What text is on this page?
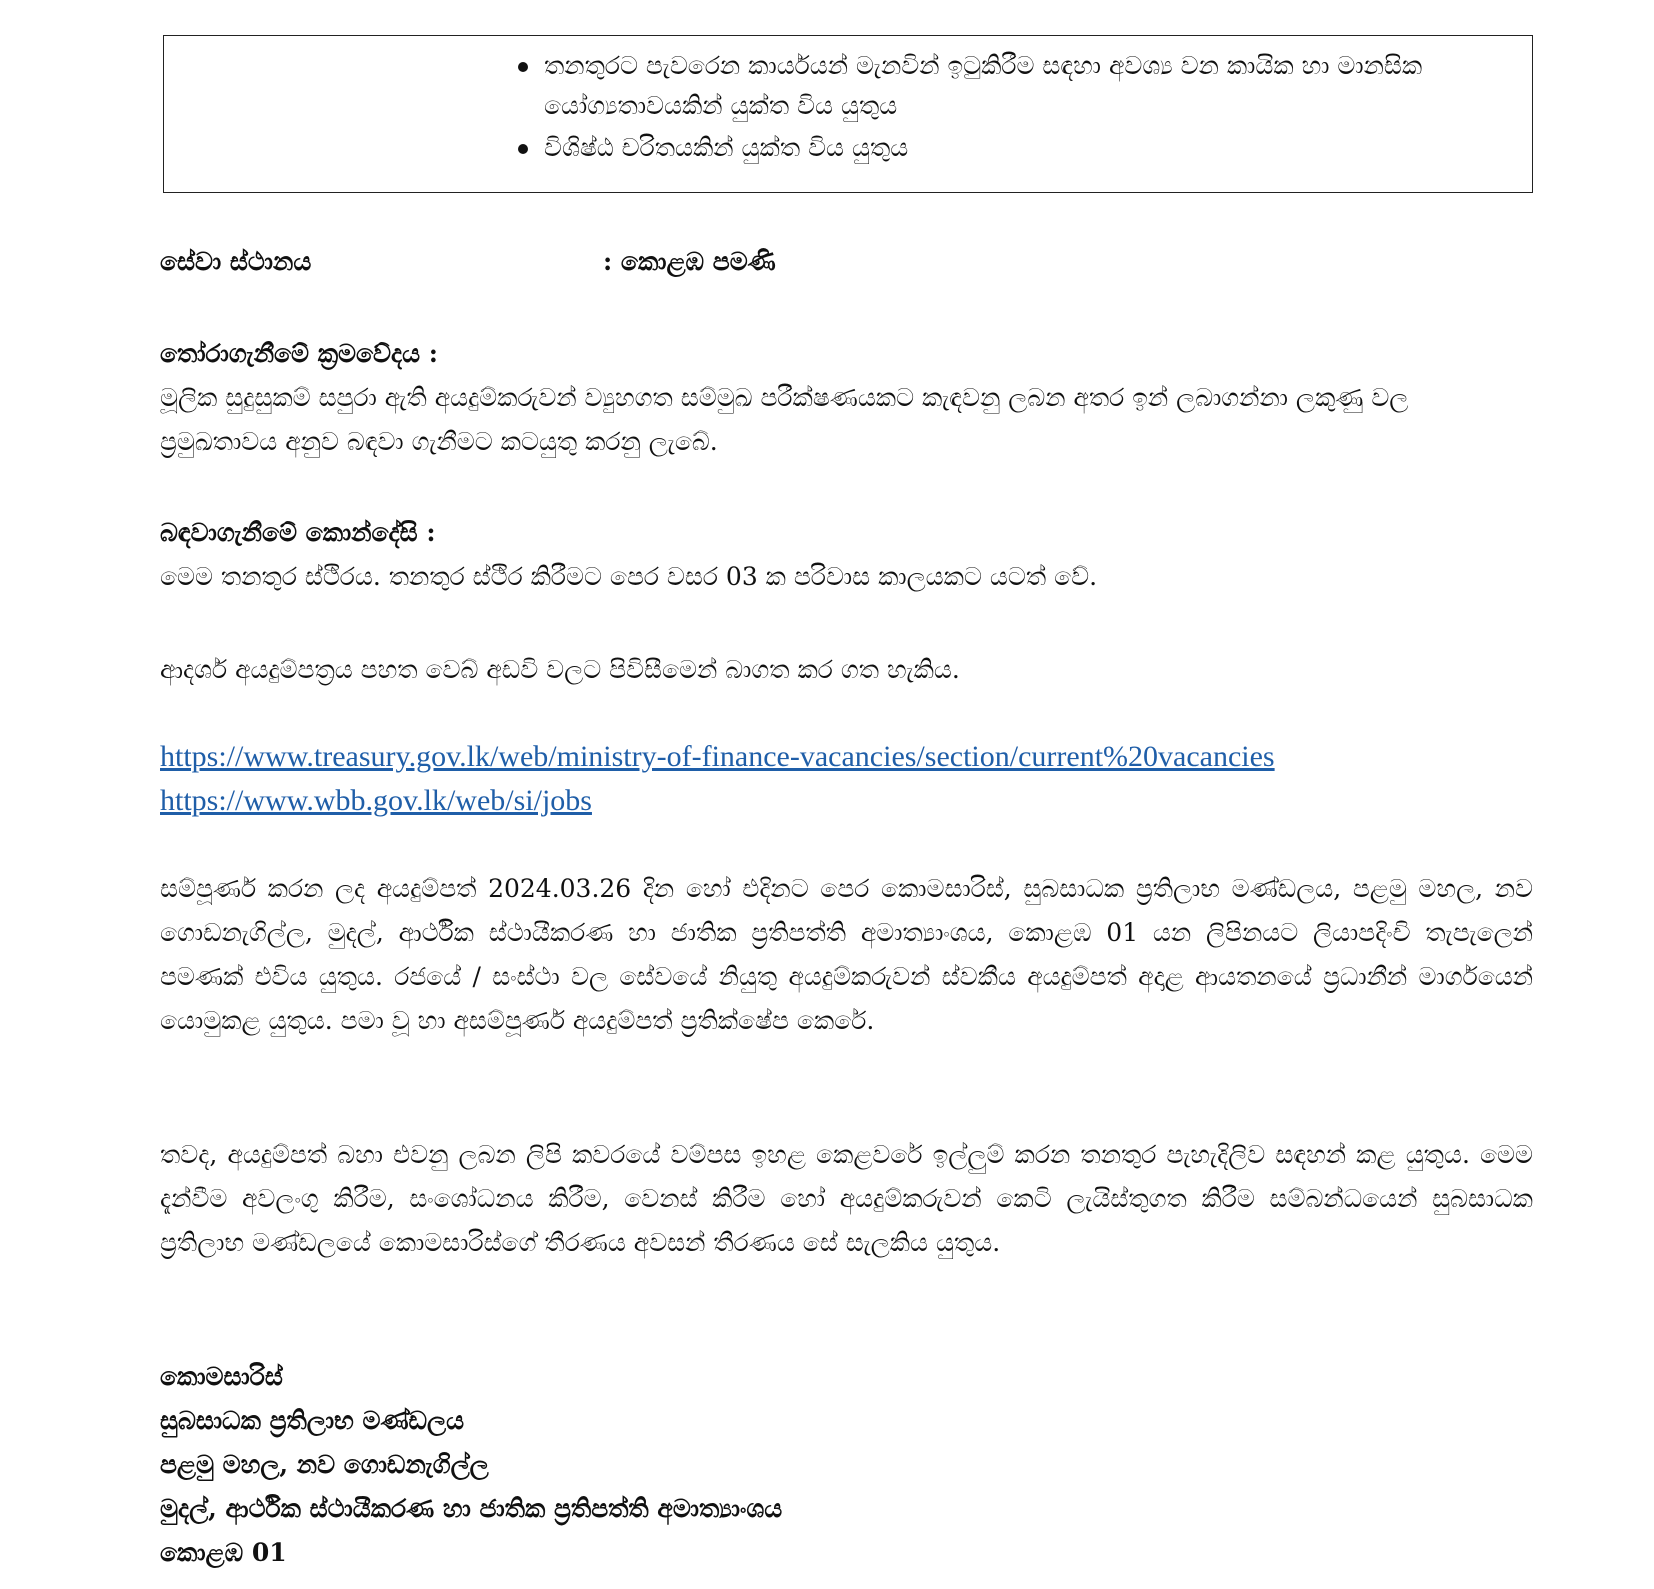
තනතුරට පැවරෙන කාර්යයන් මැනවින් ඉටුකිරීම සඳහා අවශ්‍ය වන කායික හා මානසික යෝග්‍යතාවයකින් යුක්ත විය යුතුය
විශිෂ්ඨ චරිතයකින් යුක්ත විය යුතුය
සේවා ස්ථානය	: කොළඹ පමණි
තෝරාගැනීමේ ක්‍රමවේදය :
මූලික සුදුසුකම් සපුරා ඇති අයදුම්කරුවන් ව්‍යුහගත සම්මුඛ පරීක්ෂණයකට කැඳවනු ලබන අතර ඉන් ලබාගන්නා ලකුණු වල ප්‍රමුඛතාවය අනුව බඳවා ගැනීමට කටයුතු කරනු ලැබේ.
බඳවාගැනීමේ කොන්දේසි :
මෙම තනතුර ස්ථිරය. තනතුර ස්ථිර කිරීමට පෙර වසර 03 ක පරිවාස කාලයකට යටත් වේ.
ආදර්ශ අයදුම්පත්‍රය පහත වෙබ් අඩවි වලට පිවිසීමෙන් බාගත කර ගත හැකිය.
https://www.treasury.gov.lk/web/ministry-of-finance-vacancies/section/current%20vacancies
https://www.wbb.gov.lk/web/si/jobs
සම්පූර්ණ කරන ලද අයදුම්පත් 2024.03.26 දින හෝ එදිනට පෙර කොමසාරිස්, සුබසාධක ප්‍රතිලාභ මණ්ඩලය, පළමු මහල, නව ගොඩනැගිල්ල, මුදල්, ආර්ථික ස්ථායීකරණ හා ජාතික ප්‍රතිපත්ති අමාත්‍යාංශය, කොළඹ 01 යන ලිපිනයට ලියාපදිංචි තැපැලෙන් පමණක් එවිය යුතුය. රජයේ / සංස්ථා වල සේවයේ නියුතු අයදුම්කරුවන් ස්වකීය අයදුම්පත් අදාළ ආයතනයේ ප්‍රධානීන් මාර්ගයෙන් යොමුකළ යුතුය. පමා වූ හා අසම්පූර්ණ අයදුම්පත් ප්‍රතික්ෂේප කෙරේ.
තවද, අයදුම්පත් බහා එවනු ලබන ලිපි කවරයේ වම්පස ඉහළ කෙළවරේ ඉල්ලුම් කරන තනතුර පැහැදිලිව සඳහන් කළ යුතුය. මෙම දැන්වීම අවලංගු කිරීම, සංශෝධනය කිරීම, වෙනස් කිරීම හෝ අයදුම්කරුවන් කෙටි ලැයිස්තුගත කිරීම සම්බන්ධයෙන් සුබසාධක ප්‍රතිලාභ මණ්ඩලයේ කොමසාරිස්ගේ තීරණය අවසන් තීරණය සේ සැලකිය යුතුය.
කොමසාරිස්
සුබසාධක ප්‍රතිලාභ මණ්ඩලය
පළමු මහල, නව ගොඩනැගිල්ල
මුදල්, ආර්ථික ස්ථායීකරණ හා ජාතික ප්‍රතිපත්ති අමාත්‍යාංශය
කොළඹ 01
